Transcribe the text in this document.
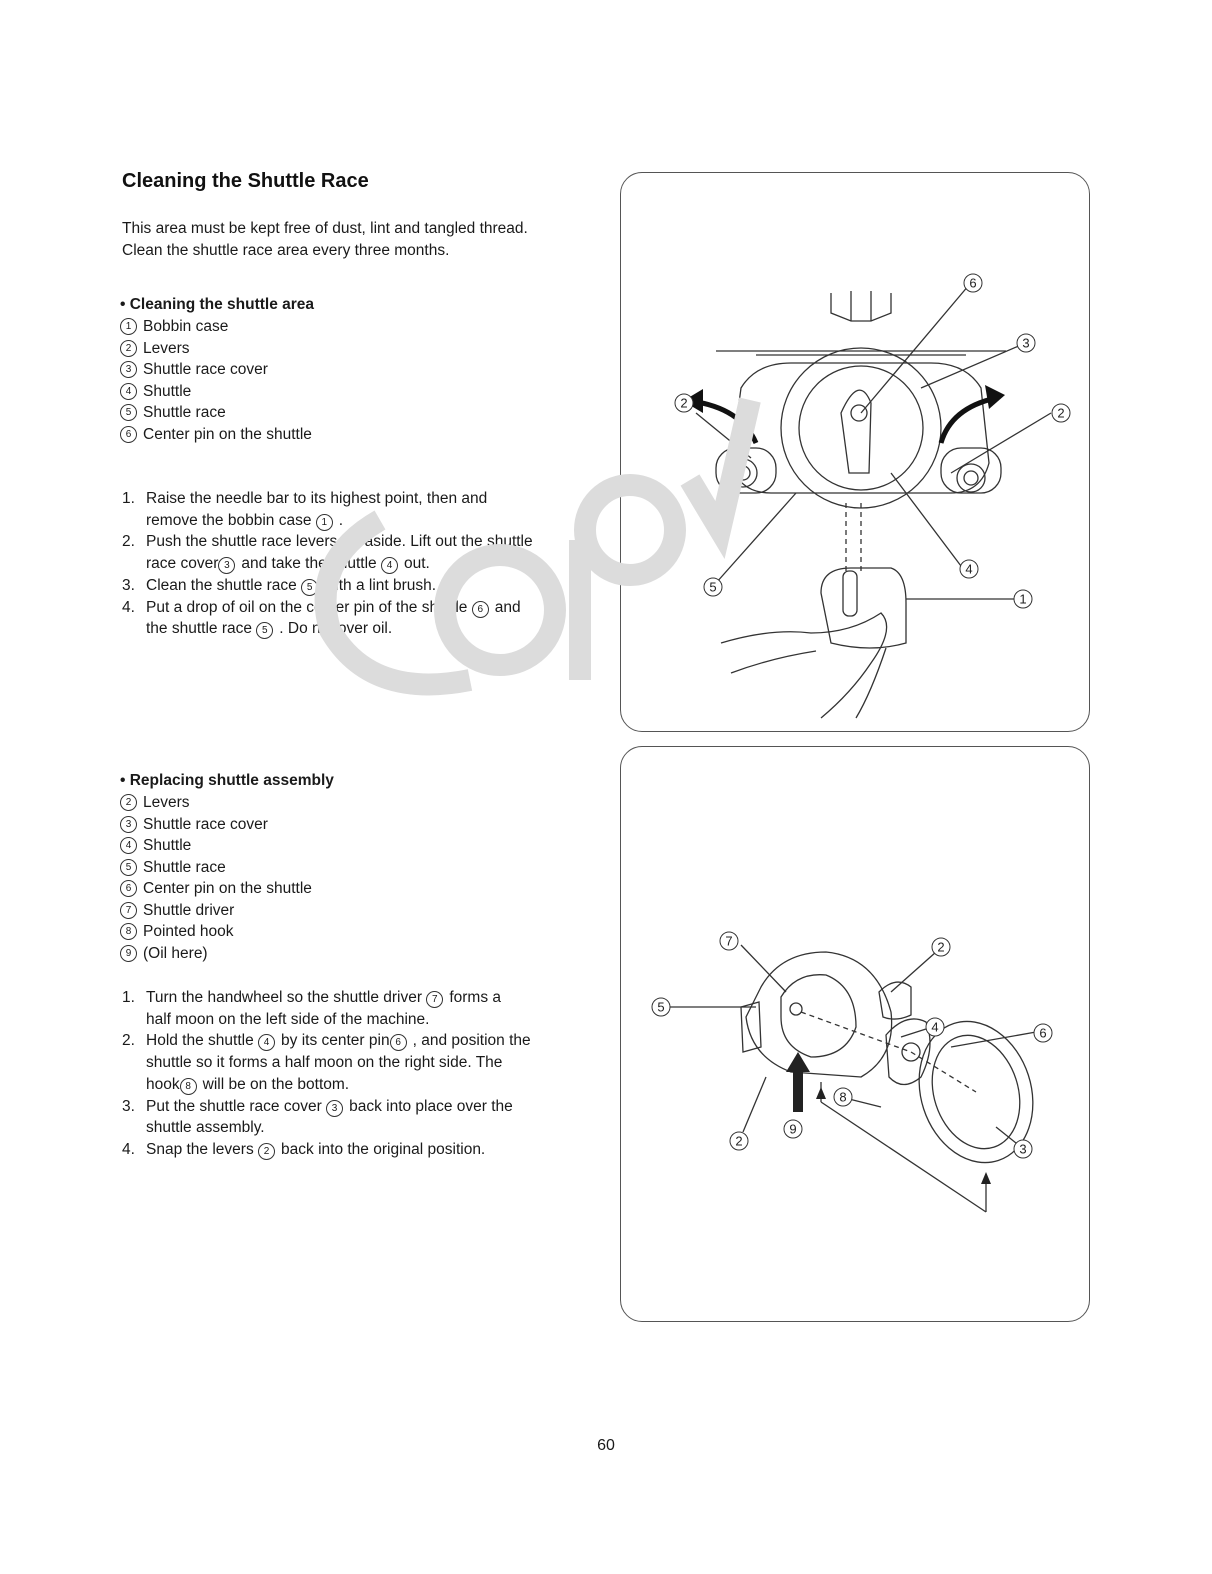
Cleaning the Shuttle Race

This area must be kept free of dust, lint and tangled thread.

Clean the shuttle race area every three months.

• Cleaning the shuttle area

1 Bobbin case
2 Levers
3 Shuttle race cover
4 Shuttle
5 Shuttle race
6 Center pin on the shuttle
1. Raise the needle bar to its highest point, then and
remove the bobbin case 1 .
2. Push the shuttle race levers 2 aside. Lift out the shuttle
race cover 3 and take the shuttle 4 out.
3. Clean the shuttle race 5 with a lint brush.
4. Put a drop of oil on the center pin of the shuttle 6 and
the shuttle race 5 . Do not over oil.

• Replacing shuttle assembly

2 Levers
3 Shuttle race cover
4 Shuttle
5 Shuttle race
6 Center pin on the shuttle
7 Shuttle driver
8 Pointed hook
9 (Oil here)
1. Turn the handwheel so the shuttle driver 7 forms a
half moon on the left side of the machine.
2. Hold the shuttle 4 by its center pin 6 , and position the
shuttle so it forms a half moon on the right side. The
hook 8 will be on the bottom.
3. Put the shuttle race cover 3 back into place over the
shuttle assembly.
4. Snap the levers 2 back into the original position.
6
3
2
2
4
5
1
7	2
5
4	6
8
9
2
3
60
